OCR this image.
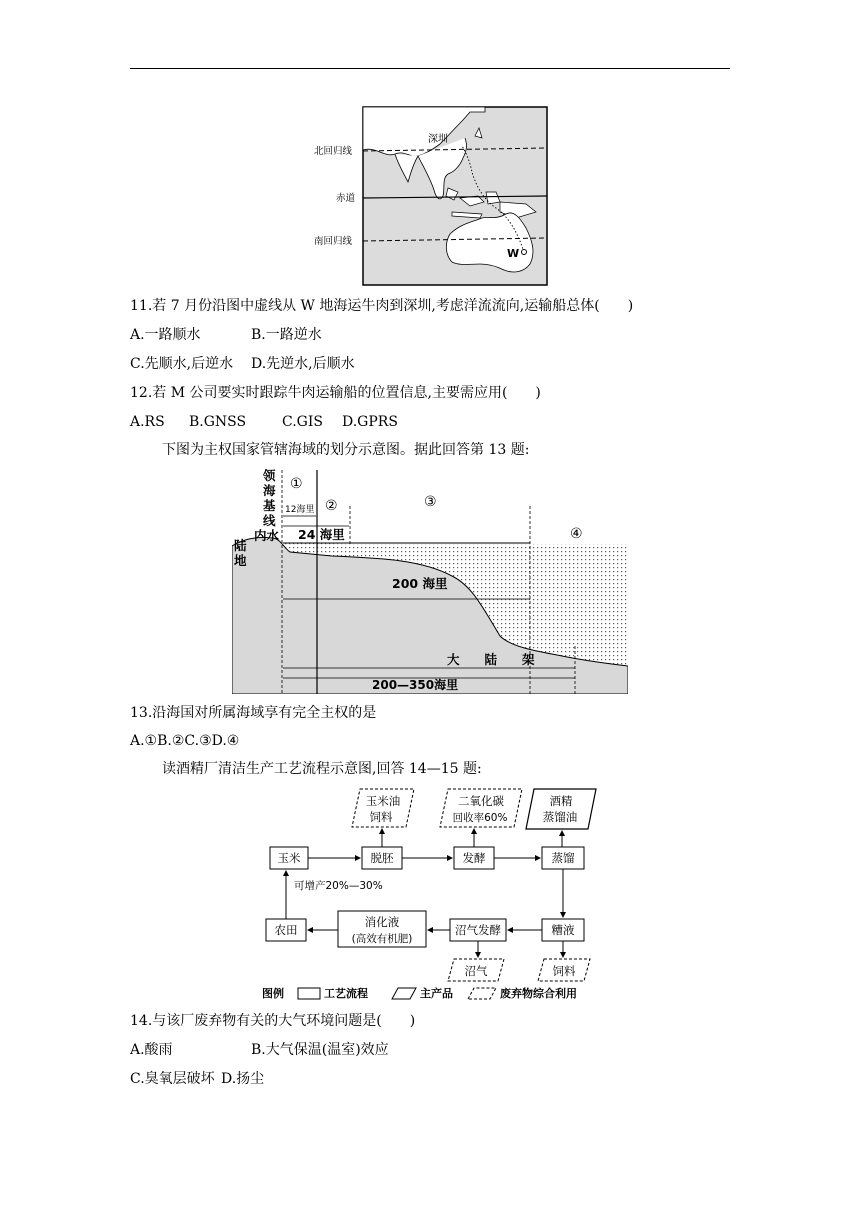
深圳
北回归线
赤道
南回归线
W
11.若 7 月份沿图中虚线从 W 地海运牛肉到深圳,考虑洋流流向,运输船总体(　　)
A.一路顺水	B.一路逆水
C.先顺水,后逆水 D.先逆水,后顺水
12.若 M 公司要实时跟踪牛肉运输船的位置信息,主要需应用(　　)
A.RS B.GNSS	C.GIS D.GPRS
下图为主权国家管辖海域的划分示意图。据此回答第 13 题:
领海基线
内水
陆地
①
②	③
④
12海里
24 海里
200 海里
大　　陆　　架
200—350海里
13.沿海国对所属海域享有完全主权的是
A.①B.②C.③D.④
读酒精厂清洁生产工艺流程示意图,回答 14—15 题:
玉米	脱胚	发酵	蒸馏
玉米油
饲料
二氧化碳
回收率60%
酒精
蒸馏油
农田
消化液
(高效有机肥)
沼气发酵	糟液
沼气	饲料
可增产20%—30%
图例	工艺流程	主产品	废弃物综合利用
14.与该厂废弃物有关的大气环境问题是(　　)
A.酸雨	B.大气保温(温室)效应
C.臭氧层破坏 D.扬尘
